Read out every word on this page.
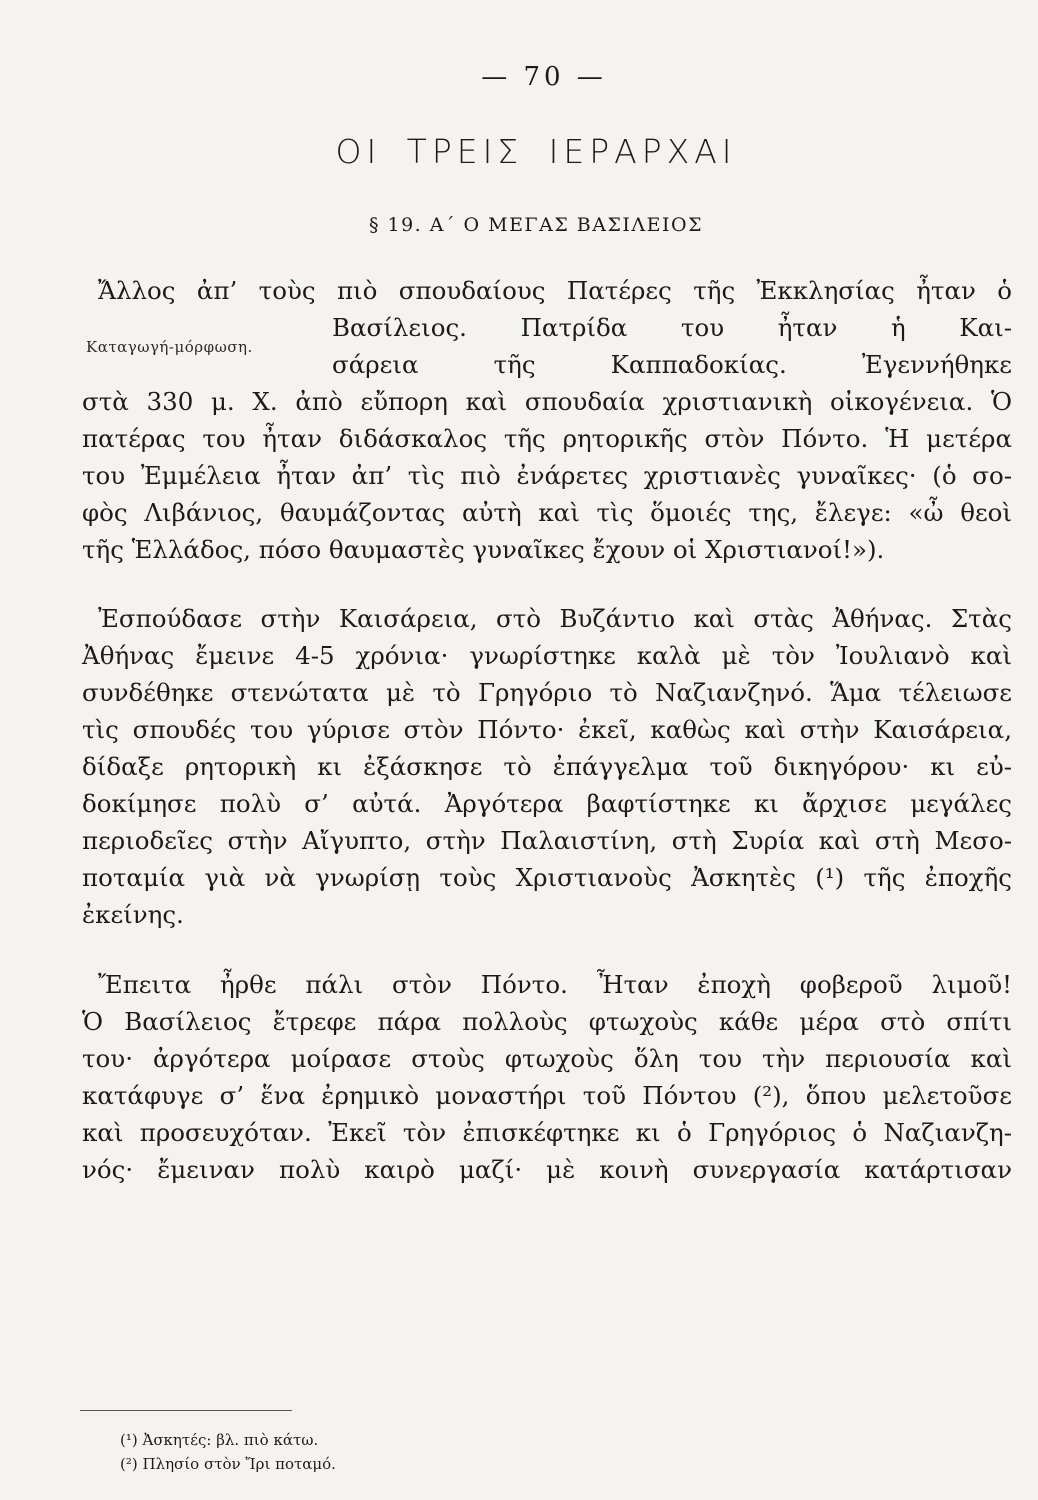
— 70 —
ΟΙ ΤΡΕΙΣ ΙΕΡΑΡΧΑΙ
§ 19. Α΄ Ο ΜΕΓΑΣ ΒΑΣΙΛΕΙΟΣ
Καταγωγή-μόρφωση.
Ἄλλος ἀπ’ τοὺς πιὸ σπουδαίους Πατέρες τῆς Ἐκκλησίας ἦταν ὁ
Βασίλειος. Πατρίδα του ἦταν ἡ Και-
σάρεια τῆς Καππαδοκίας. Ἐγεννήθηκε
στὰ 330 μ. Χ. ἀπὸ εὔπορη καὶ σπουδαία χριστιανικὴ οἰκογένεια. Ὁ
πατέρας του ἦταν διδάσκαλος τῆς ρητορικῆς στὸν Πόντο. Ἡ μετέρα
του Ἐμμέλεια ἦταν ἀπ’ τὶς πιὸ ἐνάρετες χριστιανὲς γυναῖκες· (ὁ σο-
φὸς Λιβάνιος, θαυμάζοντας αὐτὴ καὶ τὶς ὅμοιές της, ἔλεγε: «ὦ θεοὶ
τῆς Ἑλλάδος, πόσο θαυμαστὲς γυναῖκες ἔχουν οἱ Χριστιανοί!»).
Ἐσπούδασε στὴν Καισάρεια, στὸ Βυζάντιο καὶ στὰς Ἀθήνας. Στὰς
Ἀθήνας ἔμεινε 4-5 χρόνια· γνωρίστηκε καλὰ μὲ τὸν Ἰουλιανὸ καὶ
συνδέθηκε στενώτατα μὲ τὸ Γρηγόριο τὸ Ναζιανζηνό. Ἅμα τέλειωσε
τὶς σπουδές του γύρισε στὸν Πόντο· ἐκεῖ, καθὼς καὶ στὴν Καισάρεια,
δίδαξε ρητορικὴ κι ἐξάσκησε τὸ ἐπάγγελμα τοῦ δικηγόρου· κι εὐ-
δοκίμησε πολὺ σ’ αὐτά. Ἀργότερα βαφτίστηκε κι ἄρχισε μεγάλες
περιοδεῖες στὴν Αἴγυπτο, στὴν Παλαιστίνη, στὴ Συρία καὶ στὴ Μεσο-
ποταμία γιὰ νὰ γνωρίσῃ τοὺς Χριστιανοὺς Ἀσκητὲς (¹) τῆς ἐποχῆς
ἐκείνης.
Ἔπειτα ἦρθε πάλι στὸν Πόντο. Ἦταν ἐποχὴ φοβεροῦ λιμοῦ!
Ὁ Βασίλειος ἔτρεφε πάρα πολλοὺς φτωχοὺς κάθε μέρα στὸ σπίτι
του· ἀργότερα μοίρασε στοὺς φτωχοὺς ὅλη του τὴν περιουσία καὶ
κατάφυγε σ’ ἕνα ἐρημικὸ μοναστήρι τοῦ Πόντου (²), ὅπου μελετοῦσε
καὶ προσευχόταν. Ἐκεῖ τὸν ἐπισκέφτηκε κι ὁ Γρηγόριος ὁ Ναζιανζη-
νός· ἔμειναν πολὺ καιρὸ μαζί· μὲ κοινὴ συνεργασία κατάρτισαν
(¹) Ἀσκητές: βλ. πιὸ κάτω.
(²) Πλησίο στὸν Ἴρι ποταμό.
